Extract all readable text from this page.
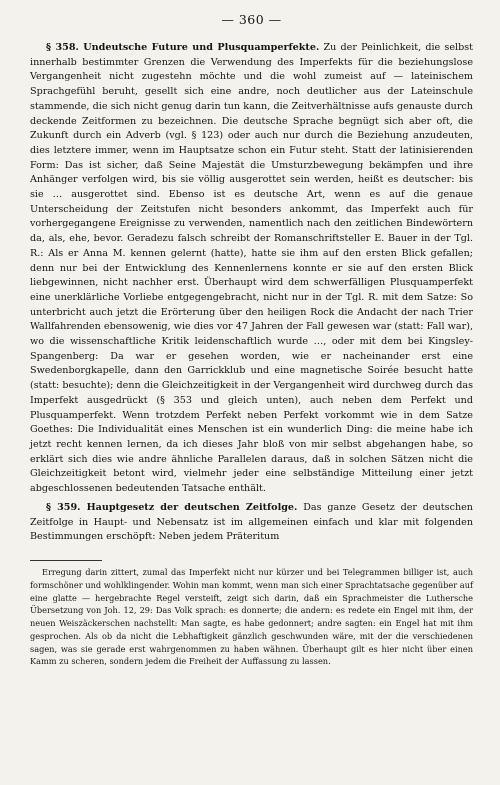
— 360 —

§ 358. Undeutsche Future und Plusquamperfekte. Zu der Peinlichkeit, die selbst innerhalb bestimmter Grenzen die Verwendung des Imperfekts für die beziehungslose Vergangenheit nicht zugestehn möchte und die wohl zumeist auf — lateinischem Sprachgefühl beruht, gesellt sich eine andre, noch deutlicher aus der Lateinschule stammende, die sich nicht genug darin tun kann, die Zeitverhältnisse aufs genauste durch deckende Zeitformen zu bezeichnen. Die deutsche Sprache begnügt sich aber oft, die Zukunft durch ein Adverb (vgl. § 123) oder auch nur durch die Beziehung anzudeuten, dies letztere immer, wenn im Hauptsatze schon ein Futur steht. Statt der latinisierenden Form: Das ist sicher, daß Seine Majestät die Umsturzbewegung bekämpfen und ihre Anhänger verfolgen wird, bis sie völlig ausgerottet sein werden, heißt es deutscher: bis sie … ausgerottet sind. Ebenso ist es deutsche Art, wenn es auf die genaue Unterscheidung der Zeitstufen nicht besonders ankommt, das Imperfekt auch für vorhergegangene Ereignisse zu verwenden, namentlich nach den zeitlichen Bindewörtern da, als, ehe, bevor. Geradezu falsch schreibt der Romanschriftsteller E. Bauer in der Tgl. R.: Als er Anna M. kennen gelernt (hatte), hatte sie ihm auf den ersten Blick gefallen; denn nur bei der Entwicklung des Kennenlernens konnte er sie auf den ersten Blick liebgewinnen, nicht nachher erst. Überhaupt wird dem schwerfälligen Plusquamperfekt eine unerklärliche Vorliebe entgegengebracht, nicht nur in der Tgl. R. mit dem Satze: So unterbricht auch jetzt die Erörterung über den heiligen Rock die Andacht der nach Trier Wallfahrenden ebensowenig, wie dies vor 47 Jahren der Fall gewesen war (statt: Fall war), wo die wissenschaftliche Kritik leidenschaftlich wurde …, oder mit dem bei Kingsley-Spangenberg: Da war er gesehen worden, wie er nacheinander erst eine Swedenborgkapelle, dann den Garrickklub und eine magnetische Soirée besucht hatte (statt: besuchte); denn die Gleichzeitigkeit in der Vergangenheit wird durchweg durch das Imperfekt ausgedrückt (§ 353 und gleich unten), auch neben dem Perfekt und Plusquamperfekt. Wenn trotzdem Perfekt neben Perfekt vorkommt wie in dem Satze Goethes: Die Individualität eines Menschen ist ein wunderlich Ding: die meine habe ich jetzt recht kennen lernen, da ich dieses Jahr bloß von mir selbst abgehangen habe, so erklärt sich dies wie andre ähnliche Parallelen daraus, daß in solchen Sätzen nicht die Gleichzeitigkeit betont wird, vielmehr jeder eine selbständige Mitteilung einer jetzt abgeschlossenen bedeutenden Tatsache enthält.

§ 359. Hauptgesetz der deutschen Zeitfolge. Das ganze Gesetz der deutschen Zeitfolge in Haupt- und Nebensatz ist im allgemeinen einfach und klar mit folgenden Bestimmungen erschöpft: Neben jedem Präteritum

Erregung darin zittert, zumal das Imperfekt nicht nur kürzer und bei Telegrammen billiger ist, auch formschöner und wohlklingender. Wohin man kommt, wenn man sich einer Sprachtatsache gegenüber auf eine glatte — hergebrachte Regel versteift, zeigt sich darin, daß ein Sprachmeister die Luthersche Übersetzung von Joh. 12, 29: Das Volk sprach: es donnerte; die andern: es redete ein Engel mit ihm, der neuen Weiszäckerschen nachstellt: Man sagte, es habe gedonnert; andre sagten: ein Engel hat mit ihm gesprochen. Als ob da nicht die Lebhaftigkeit gänzlich geschwunden wäre, mit der die verschiedenen sagen, was sie gerade erst wahrgenommen zu haben wähnen. Überhaupt gilt es hier nicht über einen Kamm zu scheren, sondern jedem die Freiheit der Auffassung zu lassen.
